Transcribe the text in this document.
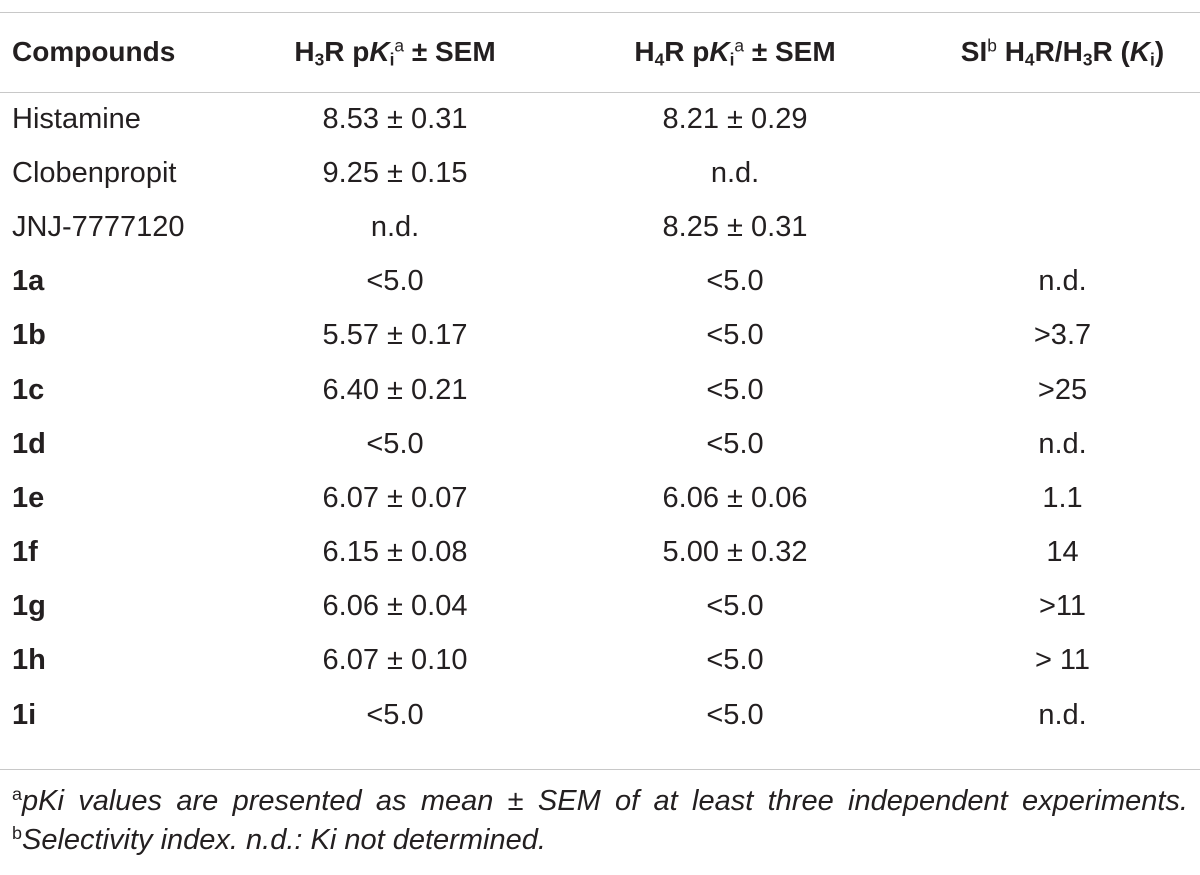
Compounds	$H_3R$ $pK_i^a$ ± SEM	$H_4R$ $pK_i^a$ ± SEM	$SI^b$ $H_4R/H_3R$ $(K_i)$
Histamine	8.53 ± 0.31	8.21 ± 0.29	
Clobenpropit	9.25 ± 0.15	n.d.	
JNJ-7777120	n.d.	8.25 ± 0.31	
1a	<5.0	<5.0	n.d.
1b	5.57 ± 0.17	<5.0	>3.7
1c	6.40 ± 0.21	<5.0	>25
1d	<5.0	<5.0	n.d.
1e	6.07 ± 0.07	6.06 ± 0.06	1.1
1f	6.15 ± 0.08	5.00 ± 0.32	14
1g	6.06 ± 0.04	<5.0	>11
1h	6.07 ± 0.10	<5.0	> 11
1i	<5.0	<5.0	n.d.
$^a$pKi values are presented as mean ± SEM of at least three independent experiments. $^b$Selectivity index. n.d.: Ki not determined.
